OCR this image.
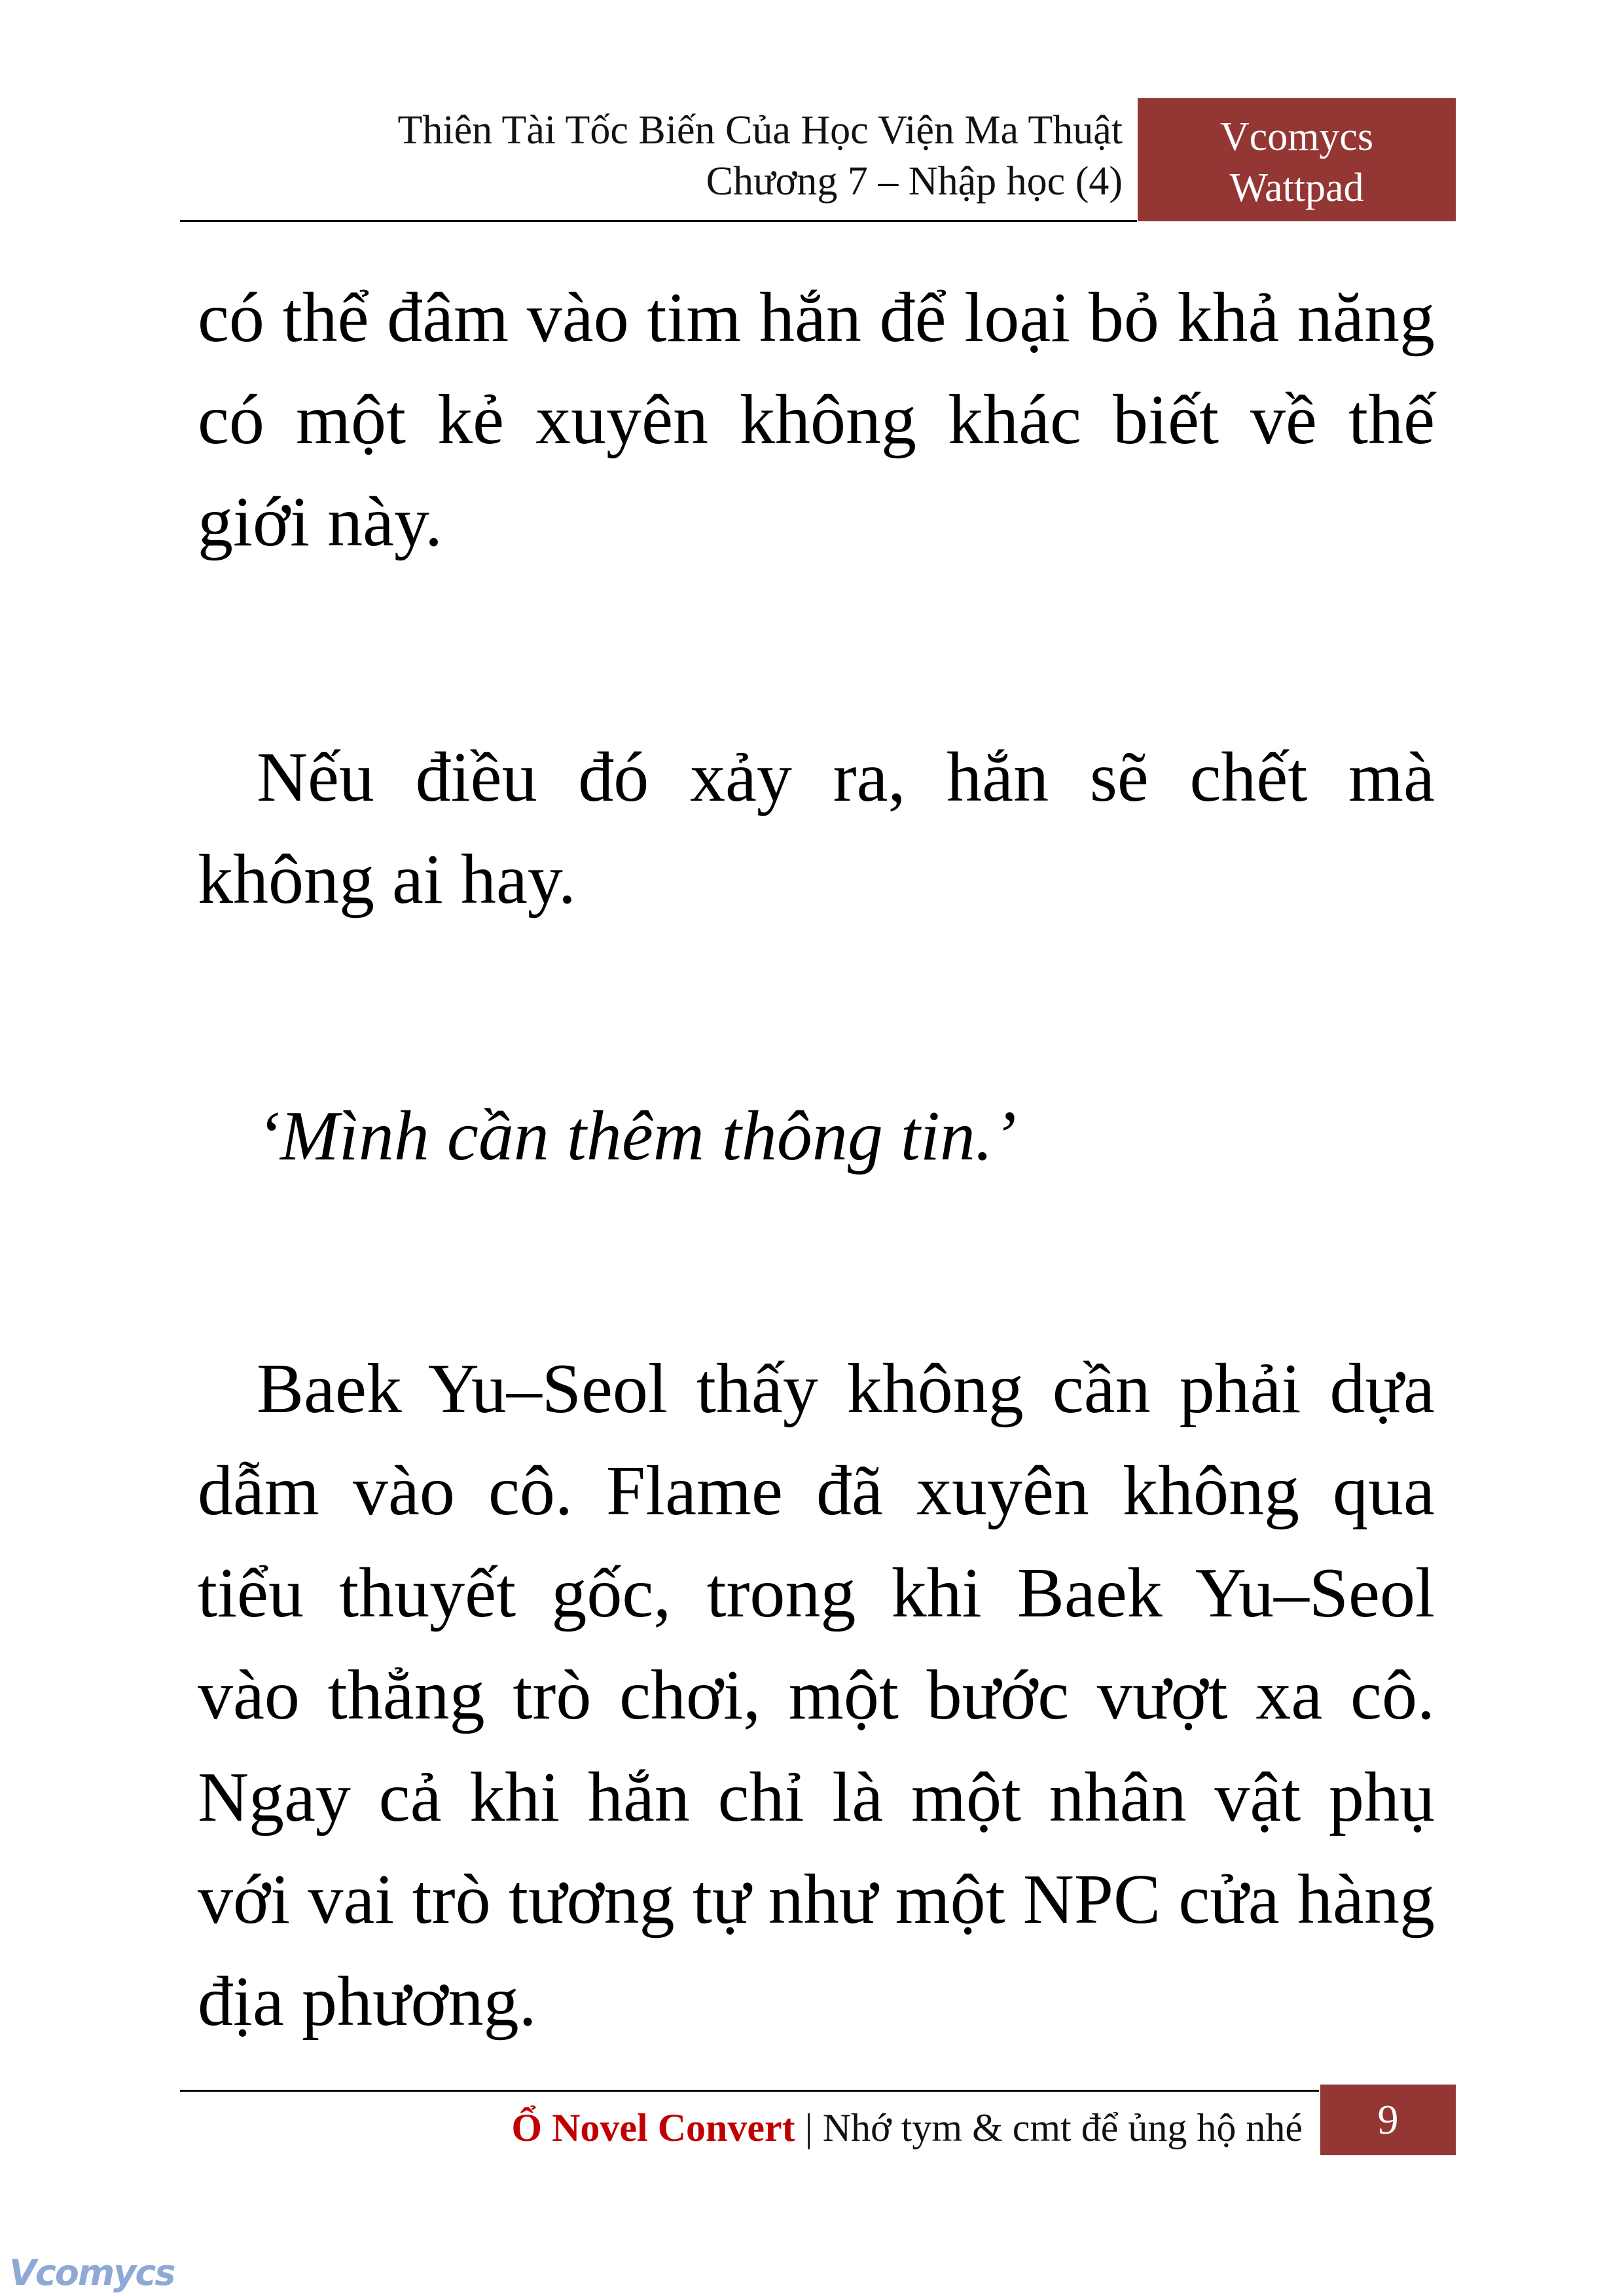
Thiên Tài Tốc Biến Của Học Viện Ma Thuật
Chương 7 – Nhập học (4)
Vcomycs
Wattpad

có thể đâm vào tim hắn để loại bỏ khả năng có một kẻ xuyên không khác biết về thế giới này.

Nếu điều đó xảy ra, hắn sẽ chết mà không ai hay.

‘Mình cần thêm thông tin.’

Baek Yu–Seol thấy không cần phải dựa dẫm vào cô. Flame đã xuyên không qua tiểu thuyết gốc, trong khi Baek Yu–Seol vào thẳng trò chơi, một bước vượt xa cô. Ngay cả khi hắn chỉ là một nhân vật phụ với vai trò tương tự như một NPC cửa hàng địa phương.

Ổ Novel Convert | Nhớ tym & cmt để ủng hộ nhé	9
Vcomycs
